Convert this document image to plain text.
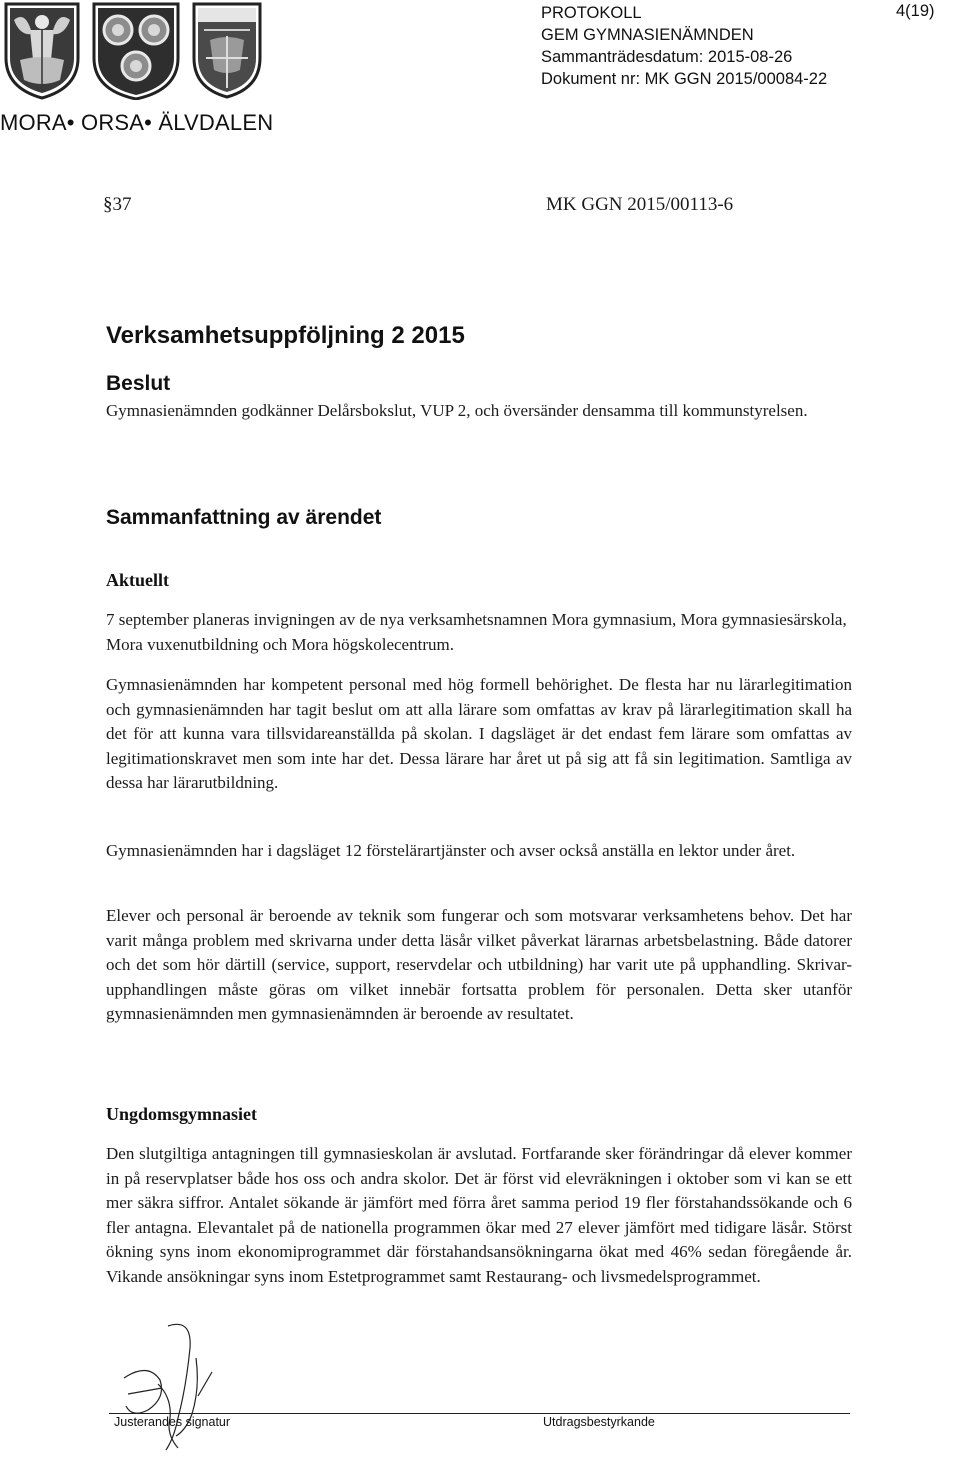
MORA• ORSA• ÄLVDALEN
PROTOKOLL
GEM GYMNASIENÄMNDEN
Sammanträdesdatum: 2015-08-26
Dokument nr: MK GGN 2015/00084-22
4(19)
§37	MK GGN 2015/00113-6
Verksamhetsuppföljning 2 2015
Beslut
Gymnasienämnden godkänner Delårsbokslut, VUP 2, och översänder densamma till kommunstyrelsen.
Sammanfattning av ärendet
Aktuellt
7 september planeras invigningen av de nya verksamhetsnamnen Mora gymnasium, Mora gymnasiesärskola, Mora vuxenutbildning och Mora högskolecentrum.
Gymnasienämnden har kompetent personal med hög formell behörighet. De flesta har nu lärarlegitimation och gymnasienämnden har tagit beslut om att alla lärare som omfattas av krav på lärarlegitimation skall ha det för att kunna vara tillsvidareanställda på skolan. I dagsläget är det endast fem lärare som omfattas av legitimationskravet men som inte har det. Dessa lärare har året ut på sig att få sin legitimation. Samtliga av dessa har lärarutbildning.
Gymnasienämnden har i dagsläget 12 förstelärartjänster och avser också anställa en lektor under året.
Elever och personal är beroende av teknik som fungerar och som motsvarar verksamhetens behov. Det har varit många problem med skrivarna under detta läsår vilket påverkat lärarnas arbetsbelastning. Både datorer och det som hör därtill (service, support, reservdelar och utbildning) har varit ute på upphandling. Skrivar-upphandlingen måste göras om vilket innebär fortsatta problem för personalen. Detta sker utanför gymnasienämnden men gymnasienämnden är beroende av resultatet.
Ungdomsgymnasiet
Den slutgiltiga antagningen till gymnasieskolan är avslutad. Fortfarande sker förändringar då elever kommer in på reservplatser både hos oss och andra skolor. Det är först vid elevräkningen i oktober som vi kan se ett mer säkra siffror. Antalet sökande är jämfört med förra året samma period 19 fler förstahandssökande och 6 fler antagna. Elevantalet på de nationella programmen ökar med 27 elever jämfört med tidigare läsår. Störst ökning syns inom ekonomiprogrammet där förstahandsansökningarna ökat med 46% sedan föregående år. Vikande ansökningar syns inom Estetprogrammet samt Restaurang- och livsmedelsprogrammet.
Justerandes signatur	Utdragsbestyrkande
